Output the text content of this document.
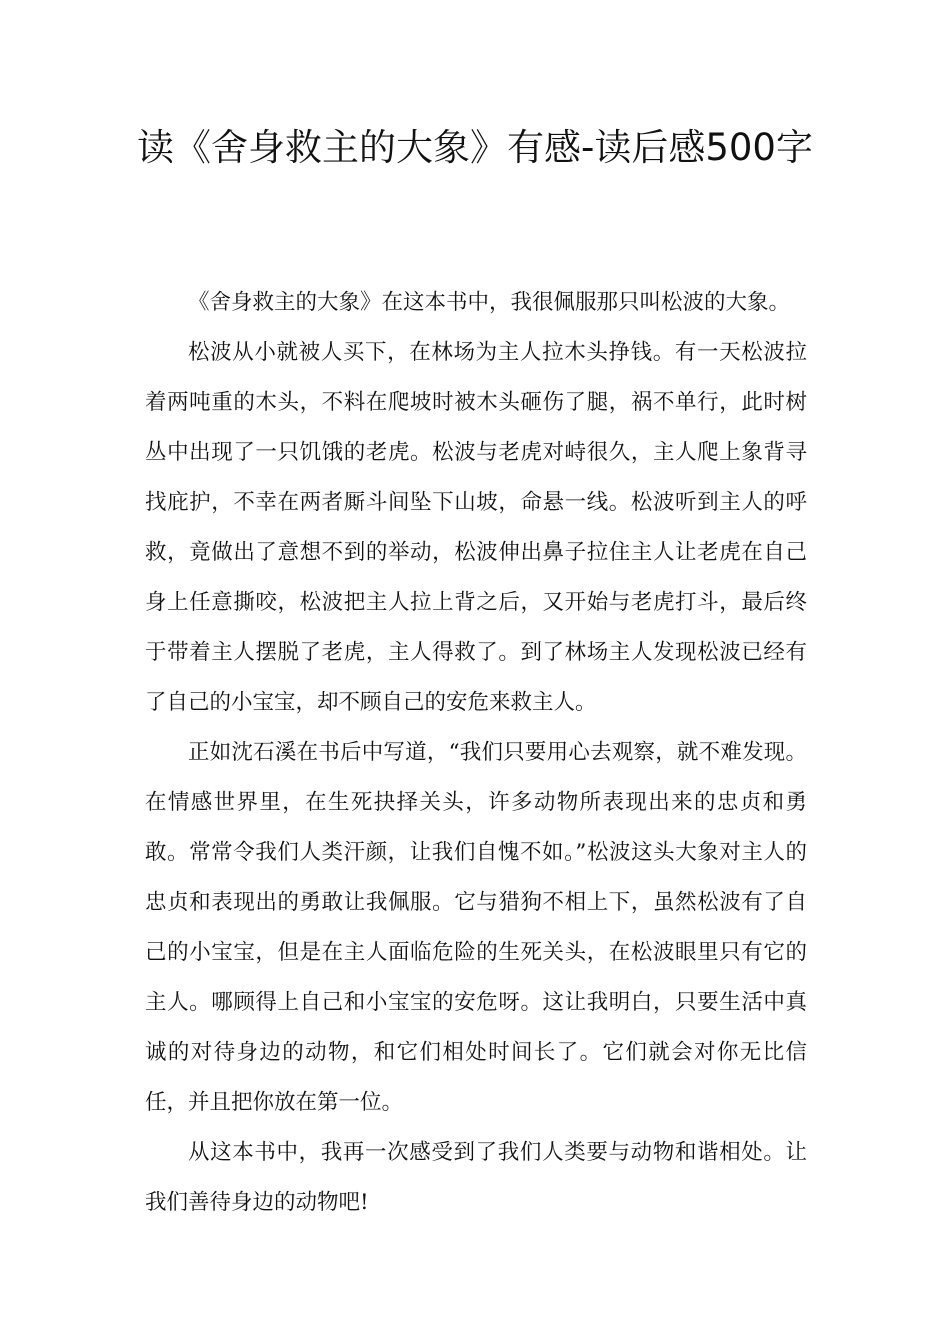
读《舍身救主的大象》有感-读后感500字

《舍身救主的大象》在这本书中，我很佩服那只叫松波的大象。

松波从小就被人买下，在林场为主人拉木头挣钱。有一天松波拉着两吨重的木头，不料在爬坡时被木头砸伤了腿，祸不单行，此时树丛中出现了一只饥饿的老虎。松波与老虎对峙很久，主人爬上象背寻找庇护，不幸在两者厮斗间坠下山坡，命悬一线。松波听到主人的呼救，竟做出了意想不到的举动，松波伸出鼻子拉住主人让老虎在自己身上任意撕咬，松波把主人拉上背之后，又开始与老虎打斗，最后终于带着主人摆脱了老虎，主人得救了。到了林场主人发现松波已经有了自己的小宝宝，却不顾自己的安危来救主人。

正如沈石溪在书后中写道，“我们只要用心去观察，就不难发现。在情感世界里，在生死抉择关头，许多动物所表现出来的忠贞和勇敢。常常令我们人类汗颜，让我们自愧不如。”松波这头大象对主人的忠贞和表现出的勇敢让我佩服。它与猎狗不相上下，虽然松波有了自己的小宝宝，但是在主人面临危险的生死关头，在松波眼里只有它的主人。哪顾得上自己和小宝宝的安危呀。这让我明白，只要生活中真诚的对待身边的动物，和它们相处时间长了。它们就会对你无比信任，并且把你放在第一位。

从这本书中，我再一次感受到了我们人类要与动物和谐相处。让我们善待身边的动物吧!
